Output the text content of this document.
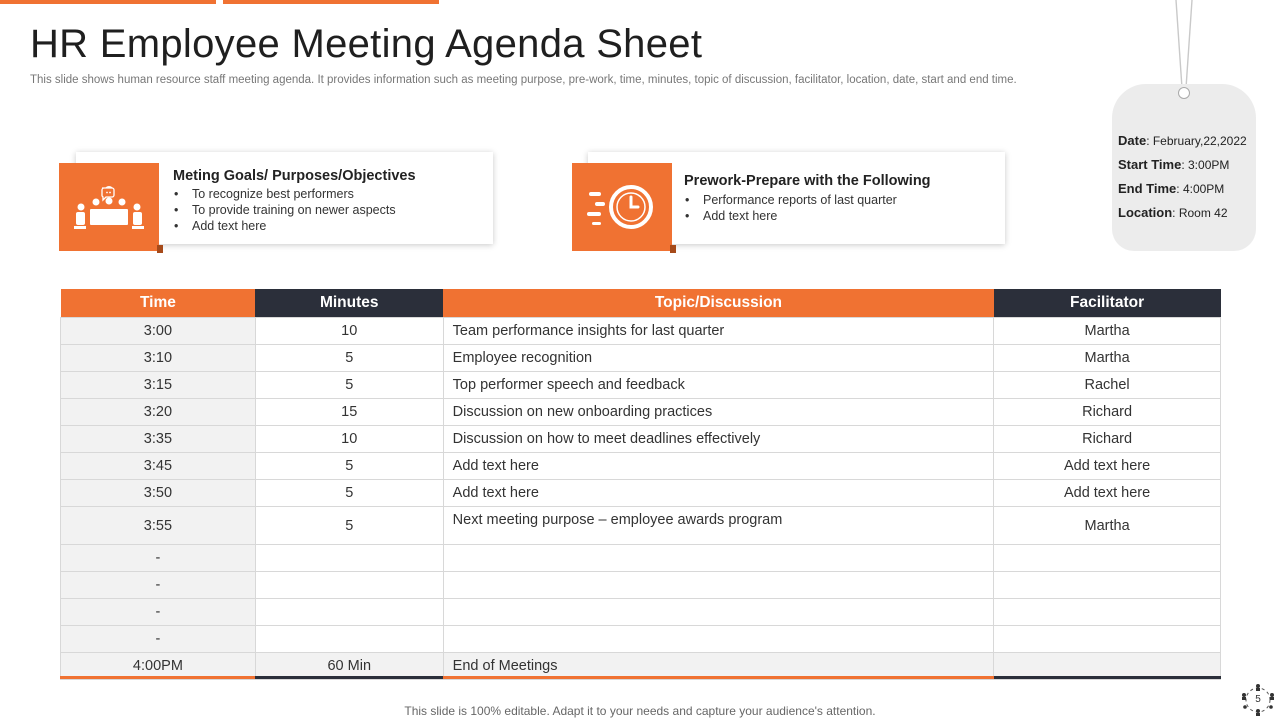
HR Employee Meeting Agenda Sheet
This slide shows human resource staff meeting agenda. It provides information such as meeting purpose, pre-work, time, minutes, topic of discussion, facilitator, location, date, start and end time.
Meting Goals/ Purposes/Objectives
• To recognize best performers
• To provide training on newer aspects
• Add text here
Prework-Prepare with the Following
• Performance reports of last quarter
• Add text here
Date: February,22,2022
Start Time: 3:00PM
End Time: 4:00PM
Location: Room 42
Time	Minutes	Topic/Discussion	Facilitator
3:00	10	Team performance insights for last quarter	Martha
3:10	5	Employee recognition	Martha
3:15	5	Top performer speech and feedback	Rachel
3:20	15	Discussion on new onboarding practices	Richard
3:35	10	Discussion on how to meet deadlines effectively	Richard
3:45	5	Add text here	Add text here
3:50	5	Add text here	Add text here
3:55	5	Next meeting purpose – employee awards program	Martha
-			
-			
-			
-			
4:00PM	60 Min	End of Meetings	
This slide is 100% editable. Adapt it to your needs and capture your audience's attention.
5
